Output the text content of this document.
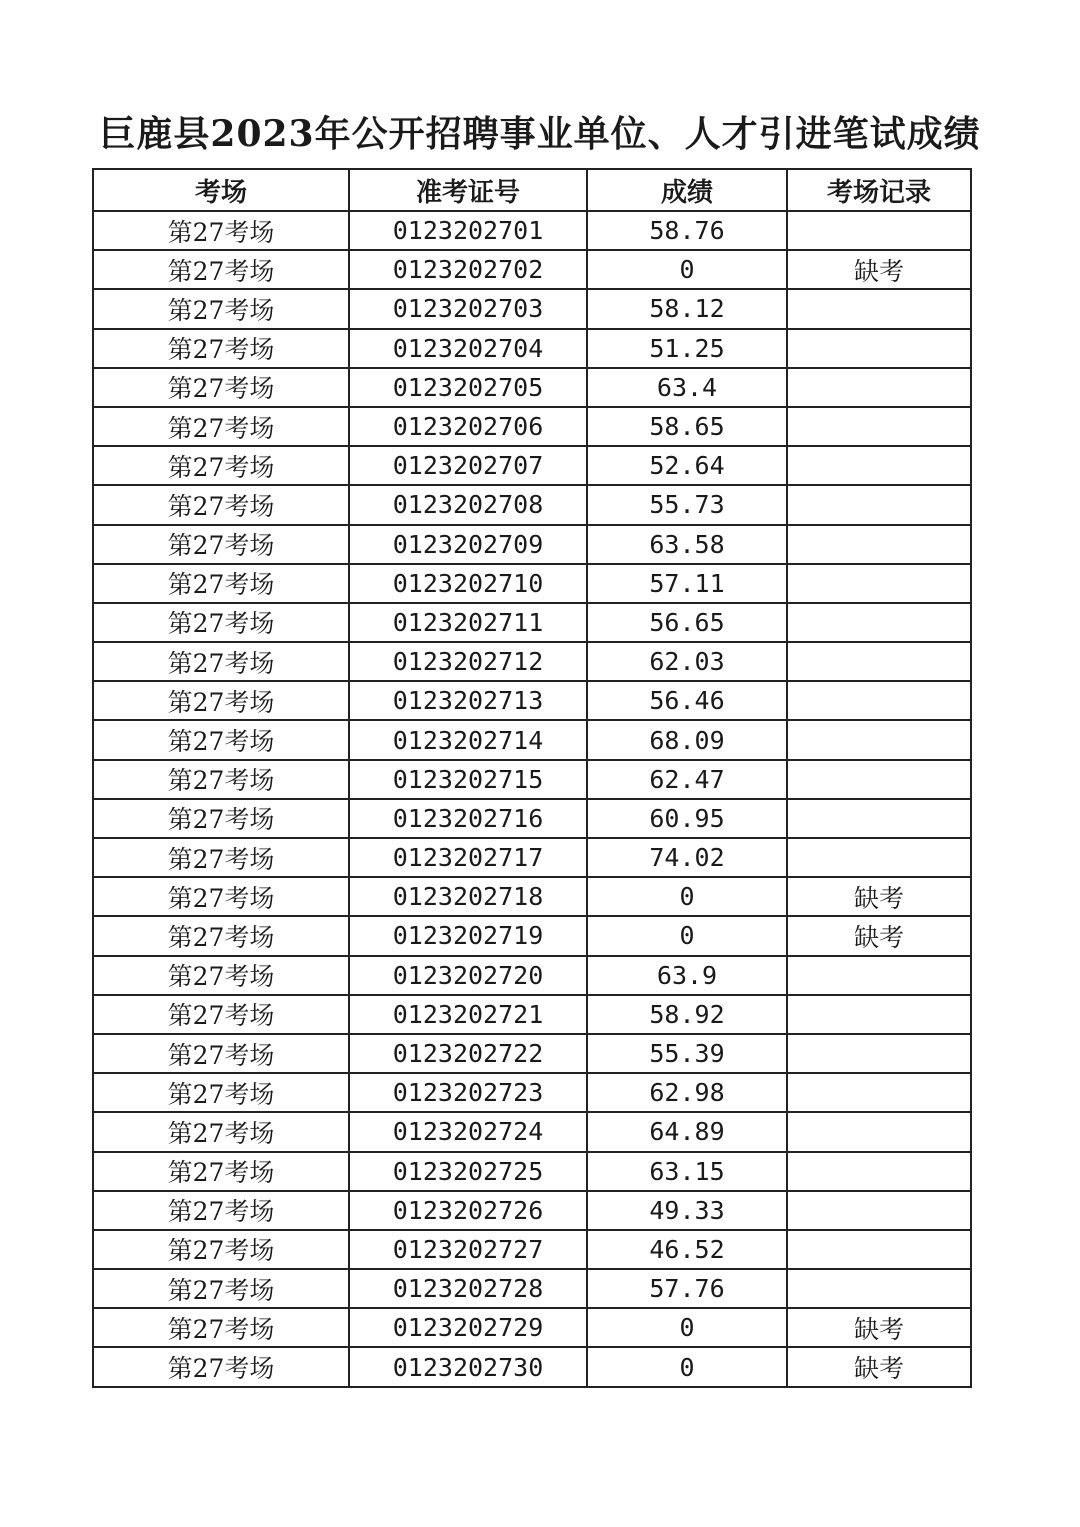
巨鹿县2023年公开招聘事业单位、人才引进笔试成绩
考场	准考证号	成绩	考场记录
第27考场	0123202701	58.76	
第27考场	0123202702	0	缺考
第27考场	0123202703	58.12	
第27考场	0123202704	51.25	
第27考场	0123202705	63.4	
第27考场	0123202706	58.65	
第27考场	0123202707	52.64	
第27考场	0123202708	55.73	
第27考场	0123202709	63.58	
第27考场	0123202710	57.11	
第27考场	0123202711	56.65	
第27考场	0123202712	62.03	
第27考场	0123202713	56.46	
第27考场	0123202714	68.09	
第27考场	0123202715	62.47	
第27考场	0123202716	60.95	
第27考场	0123202717	74.02	
第27考场	0123202718	0	缺考
第27考场	0123202719	0	缺考
第27考场	0123202720	63.9	
第27考场	0123202721	58.92	
第27考场	0123202722	55.39	
第27考场	0123202723	62.98	
第27考场	0123202724	64.89	
第27考场	0123202725	63.15	
第27考场	0123202726	49.33	
第27考场	0123202727	46.52	
第27考场	0123202728	57.76	
第27考场	0123202729	0	缺考
第27考场	0123202730	0	缺考
